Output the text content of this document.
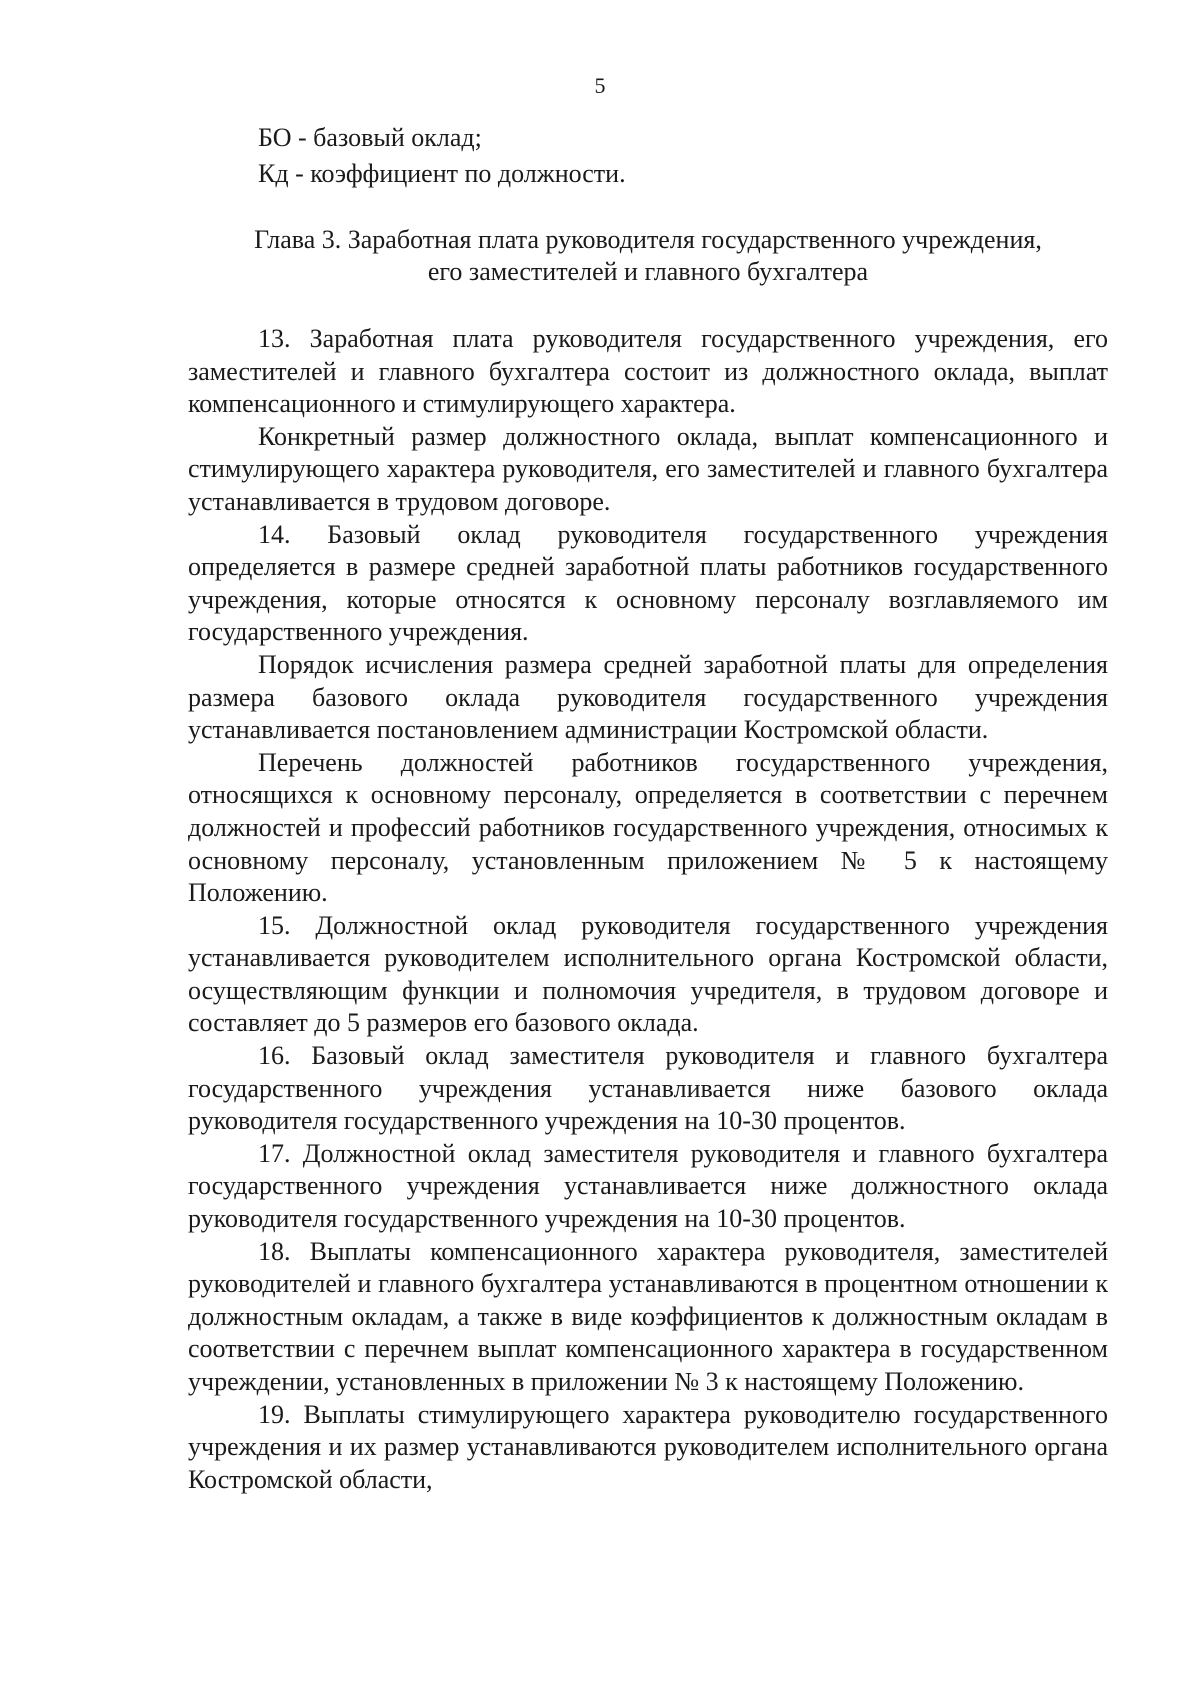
5

БО - базовый оклад;

Кд - коэффициент по должности.

Глава 3. Заработная плата руководителя государственного учреждения,

его заместителей и главного бухгалтера

13. Заработная плата руководителя государственного учреждения, его заместителей и главного бухгалтера состоит из должностного оклада, выплат компенсационного и стимулирующего характера.

Конкретный размер должностного оклада, выплат компенсационного и стимулирующего характера руководителя, его заместителей и главного бухгалтера устанавливается в трудовом договоре.

14. Базовый оклад руководителя государственного учреждения определяется в размере средней заработной платы работников государственного учреждения, которые относятся к основному персоналу возглавляемого им государственного учреждения.

Порядок исчисления размера средней заработной платы для определения размера базового оклада руководителя государственного учреждения устанавливается постановлением администрации Костромской области.

Перечень должностей работников государственного учреждения, относящихся к основному персоналу, определяется в соответствии с перечнем должностей и профессий работников государственного учреждения, относимых к основному персоналу, установленным приложением № 5 к настоящему Положению.

15. Должностной оклад руководителя государственного учреждения устанавливается руководителем исполнительного органа Костромской области, осуществляющим функции и полномочия учредителя, в трудовом договоре и составляет до 5 размеров его базового оклада.

16. Базовый оклад заместителя руководителя и главного бухгалтера государственного учреждения устанавливается ниже базового оклада руководителя государственного учреждения на 10-30 процентов.

17. Должностной оклад заместителя руководителя и главного бухгалтера государственного учреждения устанавливается ниже должностного оклада руководителя государственного учреждения на 10-30 процентов.

18. Выплаты компенсационного характера руководителя, заместителей руководителей и главного бухгалтера устанавливаются в процентном отношении к должностным окладам, а также в виде коэффициентов к должностным окладам в соответствии с перечнем выплат компенсационного характера в государственном учреждении, установленных в приложении № 3 к настоящему Положению.

19. Выплаты стимулирующего характера руководителю государственного учреждения и их размер устанавливаются руководителем исполнительного органа Костромской области,
